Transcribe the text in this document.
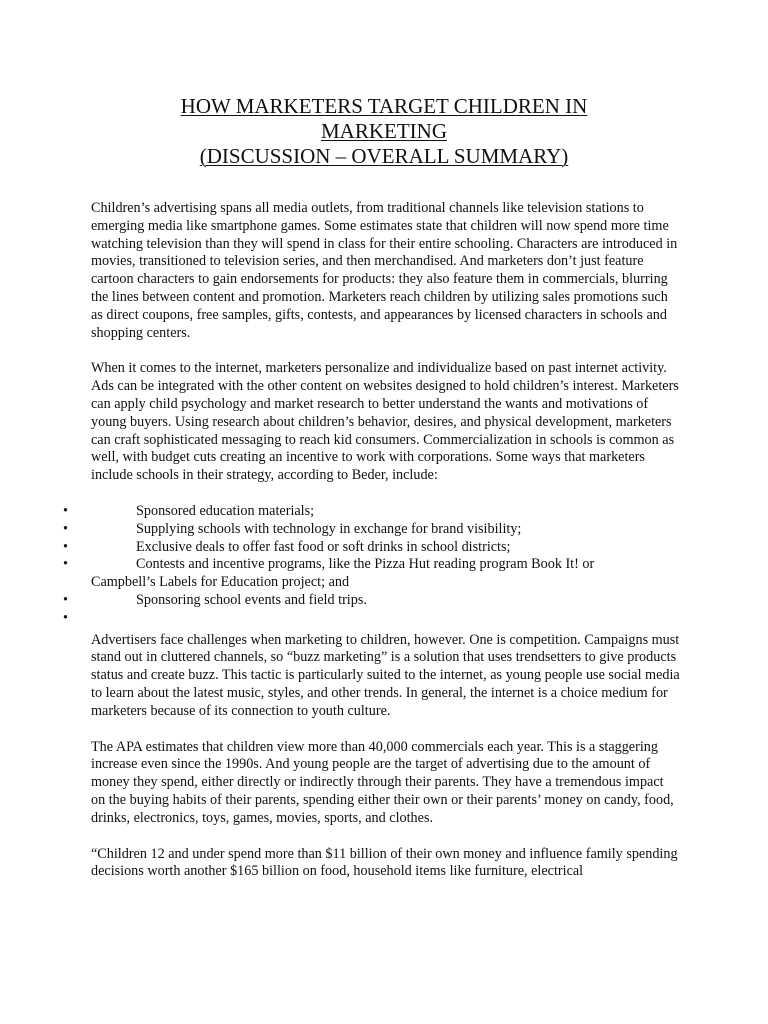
HOW MARKETERS TARGET CHILDREN IN
MARKETING
(DISCUSSION – OVERALL SUMMARY)

Children’s advertising spans all media outlets, from traditional channels like television stations to emerging media like smartphone games. Some estimates state that children will now spend more time watching television than they will spend in class for their entire schooling. Characters are introduced in movies, transitioned to television series, and then merchandised. And marketers don’t just feature cartoon characters to gain endorsements for products: they also feature them in commercials, blurring the lines between content and promotion. Marketers reach children by utilizing sales promotions such as direct coupons, free samples, gifts, contests, and appearances by licensed characters in schools and shopping centers.

When it comes to the internet, marketers personalize and individualize based on past internet activity. Ads can be integrated with the other content on websites designed to hold children’s interest. Marketers can apply child psychology and market research to better understand the wants and motivations of young buyers. Using research about children’s behavior, desires, and physical development, marketers can craft sophisticated messaging to reach kid consumers. Commercialization in schools is common as well, with budget cuts creating an incentive to work with corporations. Some ways that marketers include schools in their strategy, according to Beder, include:

•	Sponsored education materials;
•	Supplying schools with technology in exchange for brand visibility;
•	Exclusive deals to offer fast food or soft drinks in school districts;
•	Contests and incentive programs, like the Pizza Hut reading program Book It! or
Campbell’s Labels for Education project; and
•	Sponsoring school events and field trips.
•

Advertisers face challenges when marketing to children, however. One is competition. Campaigns must stand out in cluttered channels, so “buzz marketing” is a solution that uses trendsetters to give products status and create buzz. This tactic is particularly suited to the internet, as young people use social media to learn about the latest music, styles, and other trends. In general, the internet is a choice medium for marketers because of its connection to youth culture.

The APA estimates that children view more than 40,000 commercials each year. This is a staggering increase even since the 1990s. And young people are the target of advertising due to the amount of money they spend, either directly or indirectly through their parents. They have a tremendous impact on the buying habits of their parents, spending either their own or their parents’ money on candy, food, drinks, electronics, toys, games, movies, sports, and clothes.

“Children 12 and under spend more than $11 billion of their own money and influence family spending decisions worth another $165 billion on food, household items like furniture, electrical
